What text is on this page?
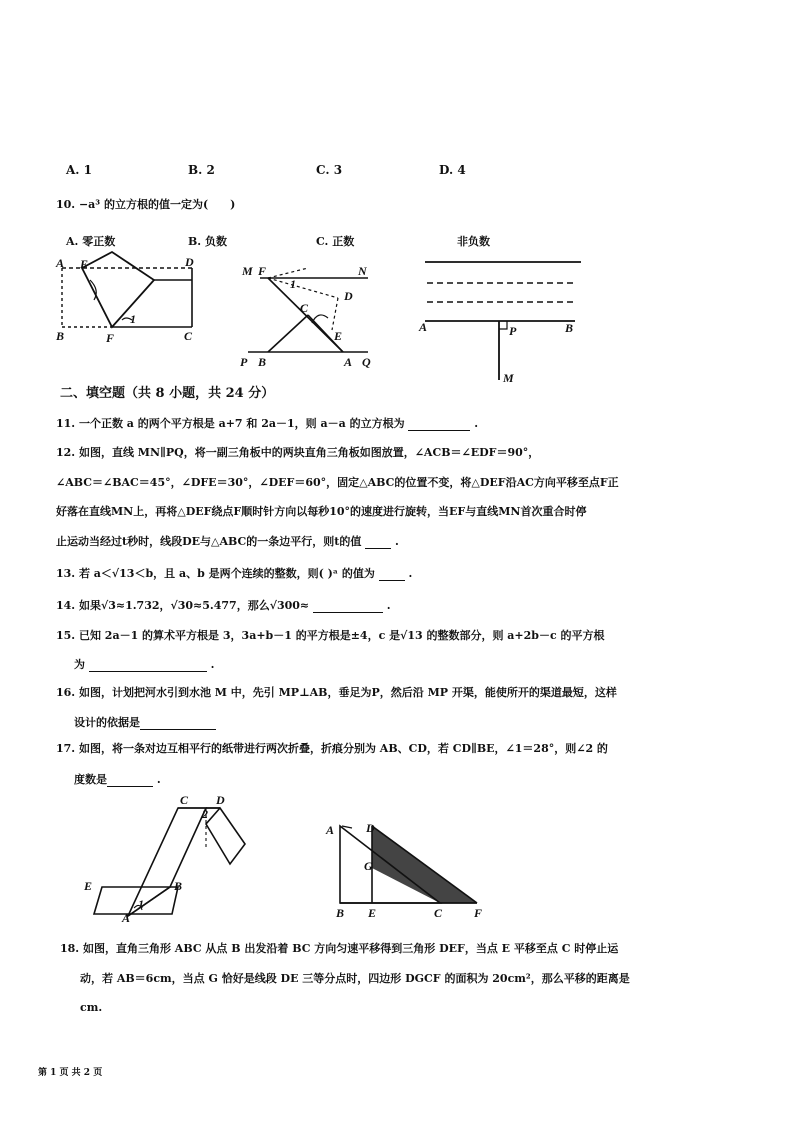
A. 1	B. 2	C. 3	D. 4
10. −a³ 的立方根的值一定为(　　)
A. 零正数	B. 负数	C. 正数	非负数
A E	D
B	F	C
1
M F	N
D
C
E
P B	A Q
1
A	P	B
M
二、填空题（共 8 小题，共 24 分）
11. 一个正数 a 的两个平方根是 a+7 和 2a－1，则 a－a 的立方根为	.
12. 如图，直线 MN∥PQ，将一副三角板中的两块直角三角板如图放置，∠ACB＝∠EDF＝90°，
∠ABC＝∠BAC＝45°，∠DFE＝30°，∠DEF＝60°，固定△ABC的位置不变，将△DEF沿AC方向平移至点F正
好落在直线MN上，再将△DEF绕点F顺时针方向以每秒10°的速度进行旋转，当EF与直线MN首次重合时停
止运动当经过t秒时，线段DE与△ABC的一条边平行，则t的值	.
13. 若 a＜√13＜b，且 a、b 是两个连续的整数，则( )ᵃ 的值为	.
14. 如果√3≈1.732，√30≈5.477，那么√300≈	.
15. 已知 2a－1 的算术平方根是 3，3a+b－1 的平方根是±4，c 是√13 的整数部分，则 a+2b－c 的平方根
为	.
16. 如图，计划把河水引到水池 M 中，先引 MP⊥AB，垂足为P，然后沿 MP 开渠，能使所开的渠道最短，这样
设计的依据是
17. 如图，将一条对边互相平行的纸带进行两次折叠，折痕分别为 AB、CD，若 CD∥BE，∠1＝28°，则∠2 的
度数是	.
C D
2
E	B
A
1
A	D
G
B E	C	F
18. 如图，直角三角形 ABC 从点 B 出发沿着 BC 方向匀速平移得到三角形 DEF，当点 E 平移至点 C 时停止运
动，若 AB＝6cm，当点 G 恰好是线段 DE 三等分点时，四边形 DGCF 的面积为 20cm²，那么平移的距离是
cm.
第 1 页 共 2 页
